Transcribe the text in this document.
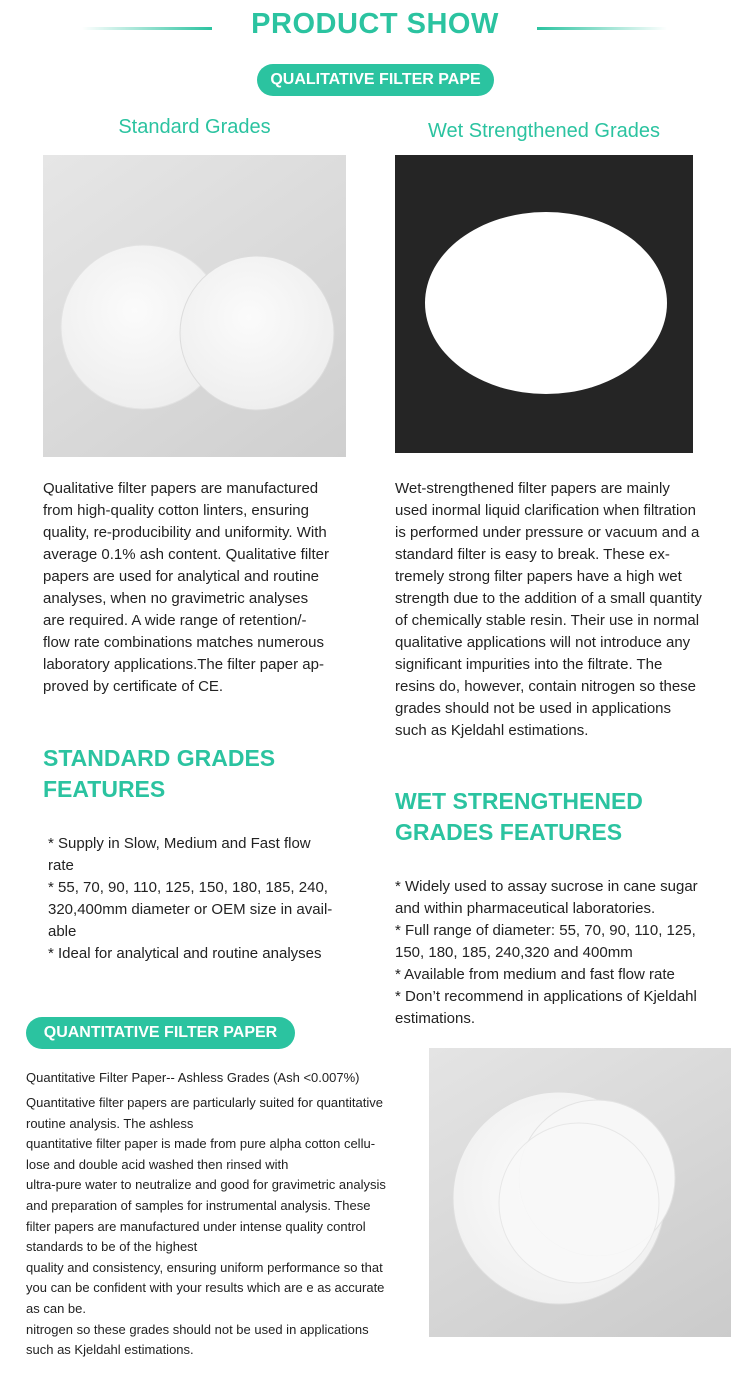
PRODUCT SHOW
QUALITATIVE FILTER PAPE
Standard Grades	Wet Strengthened Grades
Qualitative filter papers are manufactured
from high-quality cotton linters, ensuring
quality, re-producibility and uniformity. With
average 0.1% ash content. Qualitative filter
papers are used for analytical and routine
analyses, when no gravimetric analyses
are required. A wide range of retention/-
flow rate combinations matches numerous
laboratory applications.The filter paper ap-
proved by certificate of CE.
Wet-strengthened filter papers are mainly
used inormal liquid clarification when filtration
is performed under pressure or vacuum and a
standard filter is easy to break. These ex-
tremely strong filter papers have a high wet
strength due to the addition of a small quantity
of chemically stable resin. Their use in normal
qualitative applications will not introduce any
significant impurities into the filtrate. The
resins do, however, contain nitrogen so these
grades should not be used in applications
such as Kjeldahl estimations.
STANDARD GRADES
FEATURES	WET STRENGTHENED
GRADES FEATURES
* Supply in Slow, Medium and Fast flow
rate
* 55, 70, 90, 110, 125, 150, 180, 185, 240,
320,400mm diameter or OEM size in avail-
able
* Ideal for analytical and routine analyses
* Widely used to assay sucrose in cane sugar
and within pharmaceutical laboratories.
* Full range of diameter: 55, 70, 90, 110, 125,
150, 180, 185, 240,320 and 400mm
* Available from medium and fast flow rate
* Don’t recommend in applications of Kjeldahl
estimations.
QUANTITATIVE FILTER PAPER
Quantitative Filter Paper-- Ashless Grades (Ash <0.007%)
Quantitative filter papers are particularly suited for quantitative
routine analysis. The ashless
quantitative filter paper is made from pure alpha cotton cellu-
lose and double acid washed then rinsed with
ultra-pure water to neutralize and good for gravimetric analysis
and preparation of samples for instrumental analysis. These
filter papers are manufactured under intense quality control
standards to be of the highest
quality and consistency, ensuring uniform performance so that
you can be confident with your results which are e as accurate
as can be.
nitrogen so these grades should not be used in applications
such as Kjeldahl estimations.
